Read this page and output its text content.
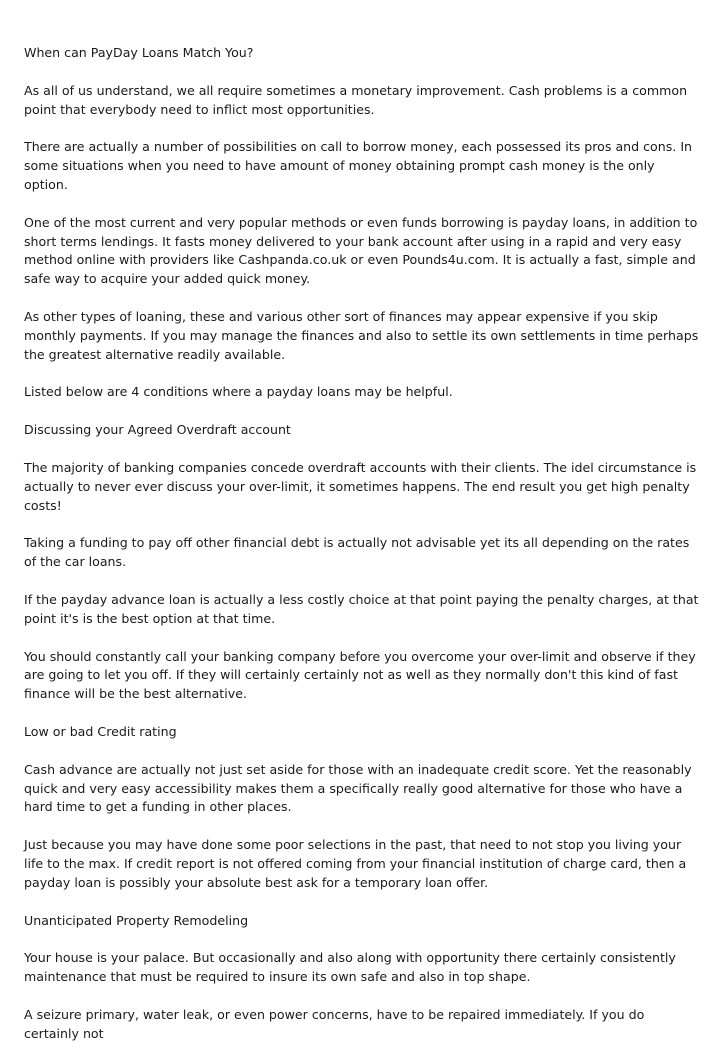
When can PayDay Loans Match You?

As all of us understand, we all require sometimes a monetary improvement. Cash problems is a common point that everybody need to inflict most opportunities.

There are actually a number of possibilities on call to borrow money, each possessed its pros and cons. In some situations when you need to have amount of money obtaining prompt cash money is the only option.

One of the most current and very popular methods or even funds borrowing is payday loans, in addition to short terms lendings. It fasts money delivered to your bank account after using in a rapid and very easy method online with providers like Cashpanda.co.uk or even Pounds4u.com. It is actually a fast, simple and safe way to acquire your added quick money.

As other types of loaning, these and various other sort of finances may appear expensive if you skip monthly payments. If you may manage the finances and also to settle its own settlements in time perhaps the greatest alternative readily available.

Listed below are 4 conditions where a payday loans may be helpful.

Discussing your Agreed Overdraft account

The majority of banking companies concede overdraft accounts with their clients. The idel circumstance is actually to never ever discuss your over-limit, it sometimes happens. The end result you get high penalty costs!

Taking a funding to pay off other financial debt is actually not advisable yet its all depending on the rates of the car loans.

If the payday advance loan is actually a less costly choice at that point paying the penalty charges, at that point it's is the best option at that time.

You should constantly call your banking company before you overcome your over-limit and observe if they are going to let you off. If they will certainly certainly not as well as they normally don't this kind of fast finance will be the best alternative.

Low or bad Credit rating

Cash advance are actually not just set aside for those with an inadequate credit score. Yet the reasonably quick and very easy accessibility makes them a specifically really good alternative for those who have a hard time to get a funding in other places.

Just because you may have done some poor selections in the past, that need to not stop you living your life to the max. If credit report is not offered coming from your financial institution of charge card, then a payday loan is possibly your absolute best ask for a temporary loan offer.

Unanticipated Property Remodeling

Your house is your palace. But occasionally and also along with opportunity there certainly consistently maintenance that must be required to insure its own safe and also in top shape.

A seizure primary, water leak, or even power concerns, have to be repaired immediately. If you do certainly not
